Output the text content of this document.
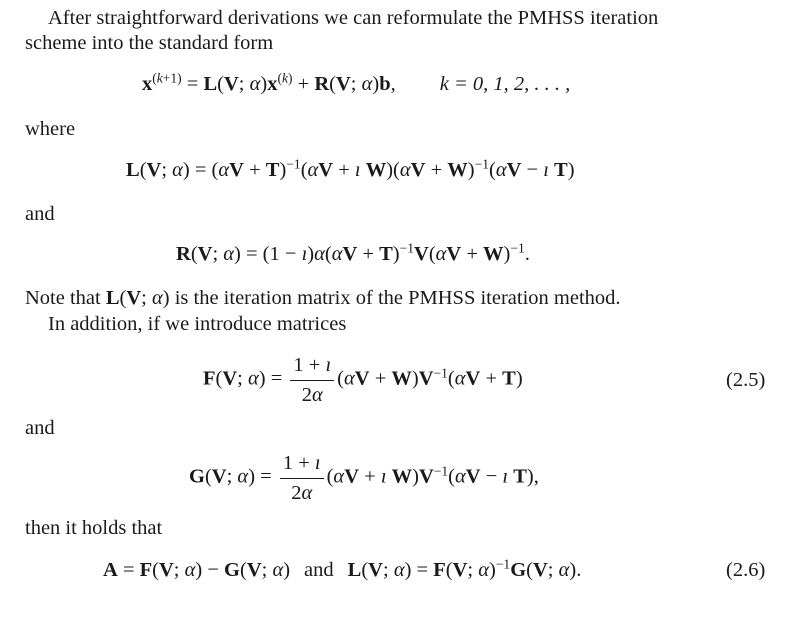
After straightforward derivations we can reformulate the PMHSS iteration
scheme into the standard form
$x^{(k+1)} = L(V$; $\alpha)x^{(k)} + R(V$; α)b, k = 0, 1, 2, . . . ,
where
L(V; $\alpha) = (\alpha V + T)^{-1}(\alpha V$ + ı $W)(\alpha V + W)^{-1}(\alpha V$ − ı T)
and
R(V; α) = (1 − ı)α(αV + $T)^{-1}V(\alpha V + W)^{-1}$.
Note that L(V; α) is the iteration matrix of the PMHSS iteration method.
In addition, if we introduce matrices
F(V; $\alpha) = \frac{1 + ı}{2\alpha} (\alpha V + W)V^{-1}(\alpha V + T)$	(2.5)
and
G(V; $\alpha) = \frac{1 + ı}{2\alpha} (\alpha V$ + ı $W)V^{-1}(\alpha V$ − ı T),
then it holds that
A = F(V; α) − G(V; α) and L(V; α) = F(V; α)$^{-1}$G(V; α).	(2.6)
